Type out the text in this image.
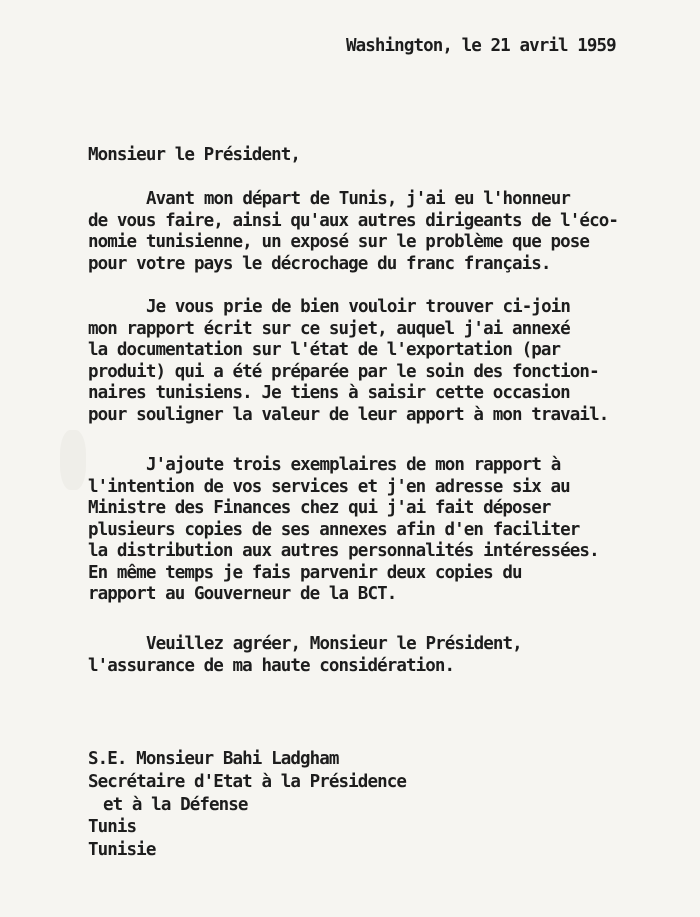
Washington, le 21 avril 1959
Monsieur le Président,
Avant mon départ de Tunis, j'ai eu l'honneur
de vous faire, ainsi qu'aux autres dirigeants de l'éco-
nomie tunisienne, un exposé sur le problème que pose
pour votre pays le décrochage du franc français.
Je vous prie de bien vouloir trouver ci-join
mon rapport écrit sur ce sujet, auquel j'ai annexé
la documentation sur l'état de l'exportation (par
produit) qui a été préparée par le soin des fonction-
naires tunisiens. Je tiens à saisir cette occasion
pour souligner la valeur de leur apport à mon travail.
J'ajoute trois exemplaires de mon rapport à
l'intention de vos services et j'en adresse six au
Ministre des Finances chez qui j'ai fait déposer
plusieurs copies de ses annexes afin d'en faciliter
la distribution aux autres personnalités intéressées.
En même temps je fais parvenir deux copies du
rapport au Gouverneur de la BCT.
Veuillez agréer, Monsieur le Président,
l'assurance de ma haute considération.
S.E. Monsieur Bahi Ladgham
Secrétaire d'Etat à la Présidence
et à la Défense
Tunis
Tunisie
